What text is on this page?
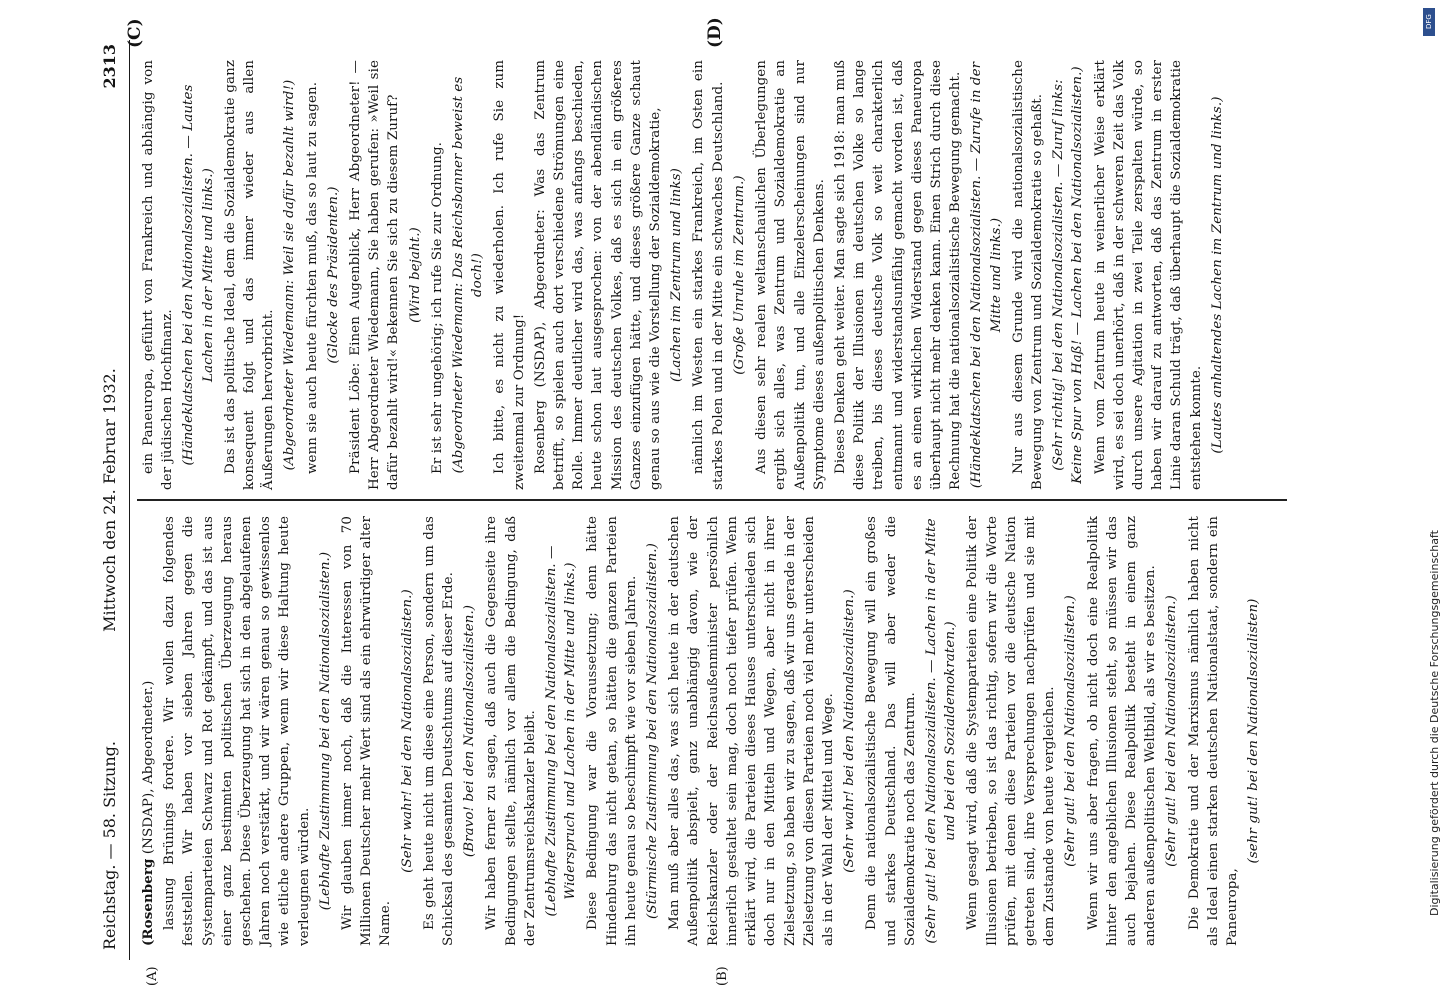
Reichstag. — 58. Sitzung.
Mittwoch den 24. Februar 1932.
2313
(A)	(B)
(C)	(D)

(Rosenberg (NSDAP), Abgeordneter.) lassung Brünings fordere. Wir wollen dazu folgendes feststellen. Wir haben vor sieben Jahren gegen die Systemparteien Schwarz und Rot gekämpft, und das ist aus einer ganz bestimmten politischen Überzeugung heraus geschehen. Diese Überzeugung hat sich in den abgelaufenen Jahren noch verstärkt, und wir wären genau so gewissenlos wie etliche andere Gruppen, wenn wir diese Haltung heute verleugnen würden. (Lebhafte Zustimmung bei den Nationalsozialisten.) Wir glauben immer noch, daß die Interessen von 70 Millionen Deutscher mehr Wert sind als ein ehrwürdiger alter Name.

(Sehr wahr! bei den Nationalsozialisten.) Es geht heute nicht um diese eine Person, sondern um das Schicksal des gesamten Deutschtums auf dieser Erde. (Bravo! bei den Nationalsozialisten.) Wir haben ferner zu sagen, daß auch die Gegenseite ihre Bedingungen stellte, nämlich vor allem die Bedingung, daß der Zentrumsreichskanzler bleibt. (Lebhafte Zustimmung bei den Nationalsozialisten. — Widerspruch und Lachen in der Mitte und links.) Diese Bedingung war die Voraussetzung; denn hätte Hindenburg das nicht getan, so hätten die ganzen Parteien ihn heute genau so beschimpft wie vor sieben Jahren. (Stürmische Zustimmung bei den Nationalsozialisten.) Man muß aber alles das, was sich heute in der deutschen Außenpolitik abspielt, ganz unabhängig davon, wie der Reichskanzler oder der Reichsaußenminister persönlich innerlich gestaltet sein mag, doch noch tiefer prüfen. Wenn erklärt wird, die Parteien dieses Hauses unterschieden sich doch nur in den Mitteln und Wegen, aber nicht in ihrer Zielsetzung, so haben wir zu sagen, daß wir uns gerade in der Zielsetzung von diesen Parteien noch viel mehr unterscheiden als in der Wahl der Mittel und Wege. (Sehr wahr! bei den Nationalsozialisten.) Denn die nationalsozialistische Bewegung will ein großes und starkes Deutschland. Das will aber weder die Sozialdemokratie noch das Zentrum. (Sehr gut! bei den Nationalsozialisten. — Lachen in der Mitte und bei den Sozialdemokraten.) Wenn gesagt wird, daß die Systemparteien eine Politik der Illusionen betrieben, so ist das richtig, sofern wir die Worte prüfen, mit denen diese Parteien vor die deutsche Nation getreten sind, ihre Versprechungen nachprüfen und sie mit dem Zustande von heute vergleichen. (Sehr gut! bei den Nationalsozialisten.) Wenn wir uns aber fragen, ob nicht doch eine Realpolitik hinter den angeblichen Illusionen steht, so müssen wir das auch bejahen. Diese Realpolitik besteht in einem ganz anderen außenpolitischen Weltbild, als wir es besitzen. (Sehr gut! bei den Nationalsozialisten.) Die Demokratie und der Marxismus nämlich haben nicht als Ideal einen starken deutschen Nationalstaat, sondern ein Paneuropa,

(sehr gut! bei den Nationalsozialisten)

ein Paneuropa, geführt von Frankreich und abhängig von der jüdischen Hochfinanz. (Händeklatschen bei den Nationalsozialisten. — Lautes Lachen in der Mitte und links.) Das ist das politische Ideal, dem die Sozialdemokratie ganz konsequent folgt und das immer wieder aus allen Äußerungen hervorbricht. (Abgeordneter Wiedemann: Weil sie dafür bezahlt wird!) wenn sie auch heute fürchten muß, das so laut zu sagen. (Glocke des Präsidenten.) Präsident Löbe: Einen Augenblick, Herr Abgeordneter! — Herr Abgeordneter Wiedemann, Sie haben gerufen: »Weil sie dafür bezahlt wird!« Bekennen Sie sich zu diesem Zuruf? (Wird bejaht.) Er ist sehr ungehörig; ich rufe Sie zur Ordnung. (Abgeordneter Wiedemann: Das Reichsbanner beweist es doch!) Ich bitte, es nicht zu wiederholen. Ich rufe Sie zum zweitenmal zur Ordnung! Rosenberg (NSDAP), Abgeordneter: Was das Zentrum betrifft, so spielen auch dort verschiedene Strömungen eine Rolle. Immer deutlicher wird das, was anfangs beschieden, heute schon laut ausgesprochen: von der abendländischen Mission des deutschen Volkes, daß es sich in ein größeres Ganzes einzufügen hätte, und dieses größere Ganze schaut genau so aus wie die Vorstellung der Sozialdemokratie, (Lachen im Zentrum und links) nämlich im Westen ein starkes Frankreich, im Osten ein starkes Polen und in der Mitte ein schwaches Deutschland. (Große Unruhe im Zentrum.) Aus diesen sehr realen weltanschaulichen Überlegungen ergibt sich alles, was Zentrum und Sozialdemokratie an Außenpolitik tun, und alle Einzelerscheinungen sind nur Symptome dieses außenpolitischen Denkens. Dieses Denken geht weiter. Man sagte sich 1918: man muß diese Politik der Illusionen im deutschen Volke so lange treiben, bis dieses deutsche Volk so weit charakterlich entmannt und widerstandsunfähig gemacht worden ist, daß es an einen wirklichen Widerstand gegen dieses Paneuropa überhaupt nicht mehr denken kann. Einen Strich durch diese Rechnung hat die nationalsozialistische Bewegung gemacht. (Händeklatschen bei den Nationalsozialisten. — Zurufe in der Mitte und links.) Nur aus diesem Grunde wird die nationalsozialistische Bewegung von Zentrum und Sozialdemokratie so gehaßt. (Sehr richtig! bei den Nationalsozialisten. — Zuruf links: Keine Spur von Haß! — Lachen bei den Nationalsozialisten.) Wenn vom Zentrum heute in weinerlicher Weise erklärt wird, es sei doch unerhört, daß in der schweren Zeit das Volk durch unsere Agitation in zwei Teile zerspalten würde, so haben wir darauf zu antworten, daß das Zentrum in erster Linie daran Schuld trägt, daß überhaupt die Sozialdemokratie entstehen konnte. (Lautes anhaltendes Lachen im Zentrum und links.)

DFG
Digitalisierung gefördert durch die Deutsche Forschungsgemeinschaft
